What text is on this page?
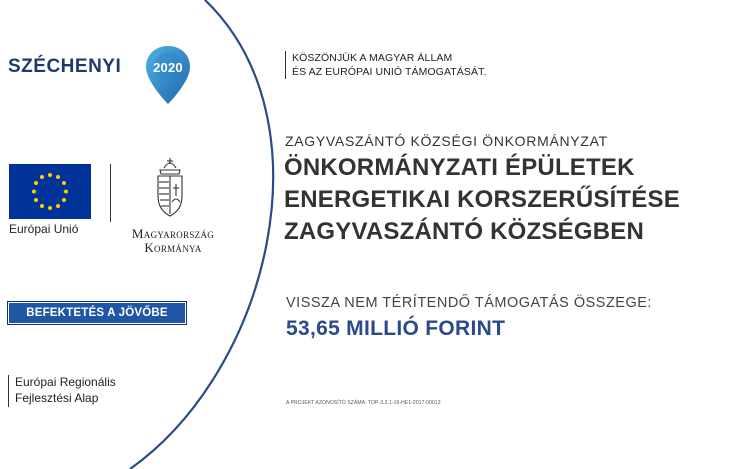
SZÉCHENYI	2020
Európai Unió	Magyarország
Kormánya
BEFEKTETÉS A JÖVŐBE
Európai Regionális
Fejlesztési Alap
KÖSZÖNJÜK A MAGYAR ÁLLAM
ÉS AZ EURÓPAI UNIÓ TÁMOGATÁSÁT.
ZAGYVASZÁNTÓ KÖZSÉGI ÖNKORMÁNYZAT
ÖNKORMÁNYZATI ÉPÜLETEK
ENERGETIKAI KORSZERŰSÍTÉSE
ZAGYVASZÁNTÓ KÖZSÉGBEN
VISSZA NEM TÉRÍTENDŐ TÁMOGATÁS ÖSSZEGE:
53,65 MILLIÓ FORINT
A PROJEKT AZONOSÍTÓ SZÁMA: TOP-3.2.1-16-HE1-2017-00013
